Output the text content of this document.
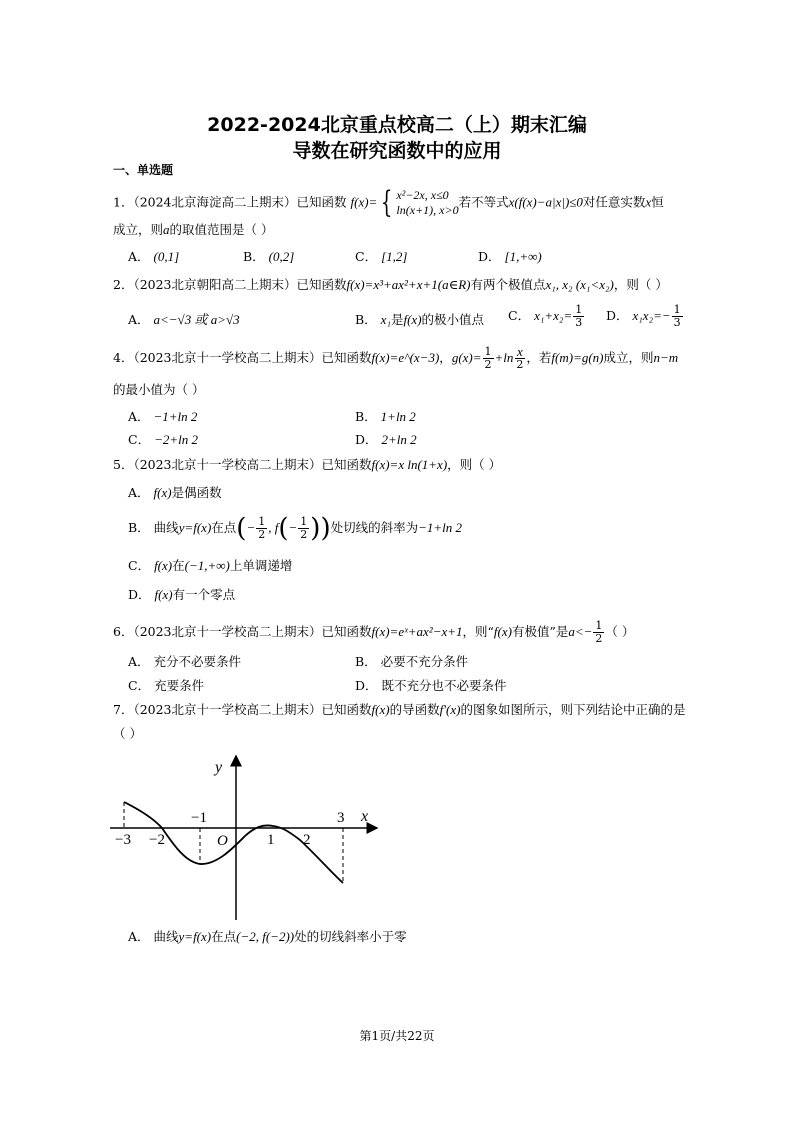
2022-2024北京重点校高二（上）期末汇编
导数在研究函数中的应用
一、单选题
1．（2024北京海淀高二上期末）已知函数 f(x)= { x²−2x, x≤0
ln(x+1), x>0
若不等式x(f(x)−a|x|)≤0对任意实数x恒
成立，则a的取值范围是（ ）
A． (0,1]	B． (0,2]	C． [1,2]	D． [1,+∞)
2．（2023北京朝阳高二上期末）已知函数f(x)=x³+ax²+x+1(a∈R)有两个极值点x₁, x₂ (x₁<x₂)，则（ ）
A． a<−√3 或 a>√3	B． x₁是f(x)的极小值点 C． $x_1+x_2= \frac{1}{3}$ D． $x_1x_2=- \frac{1}{3}$
4．（2023北京十一学校高二上期末）已知函数f(x)=e^(x−3)，$g(x)= \frac{1}{2} +\ln \frac{x}{2}$ ，若f(m)=g(n)成立，则n−m
的最小值为（ ）
A． −1+ln 2	B． 1+ln 2
C． −2+ln 2	D． 2+ln 2
5．（2023北京十一学校高二上期末）已知函数f(x)=x ln(1+x)，则（ ）
A． f(x)是偶函数
B． 曲线y=f(x)在点(− $\frac{1}{2}$ , $f(- \frac{1}{2}$ ))处切线的斜率为−1+ln 2
C． f(x)在(−1,+∞)上单调递增
D． f(x)有一个零点
6．（2023北京十一学校高二上期末）已知函数f(x)=eˣ+ax²−x+1，则“f(x)有极值”是$a<- \frac{1}{2}$ （ ）
A． 充分不必要条件	B． 必要不充分条件
C． 充要条件	D． 既不充分也不必要条件
7．（2023北京十一学校高二上期末）已知函数f(x)的导函数f′(x)的图象如图所示，则下列结论中正确的是
（ ）
y
x
O
−3 −2
−1
1 2
3
A． 曲线y=f(x)在点(−2, f(−2))处的切线斜率小于零
第1页/共22页
